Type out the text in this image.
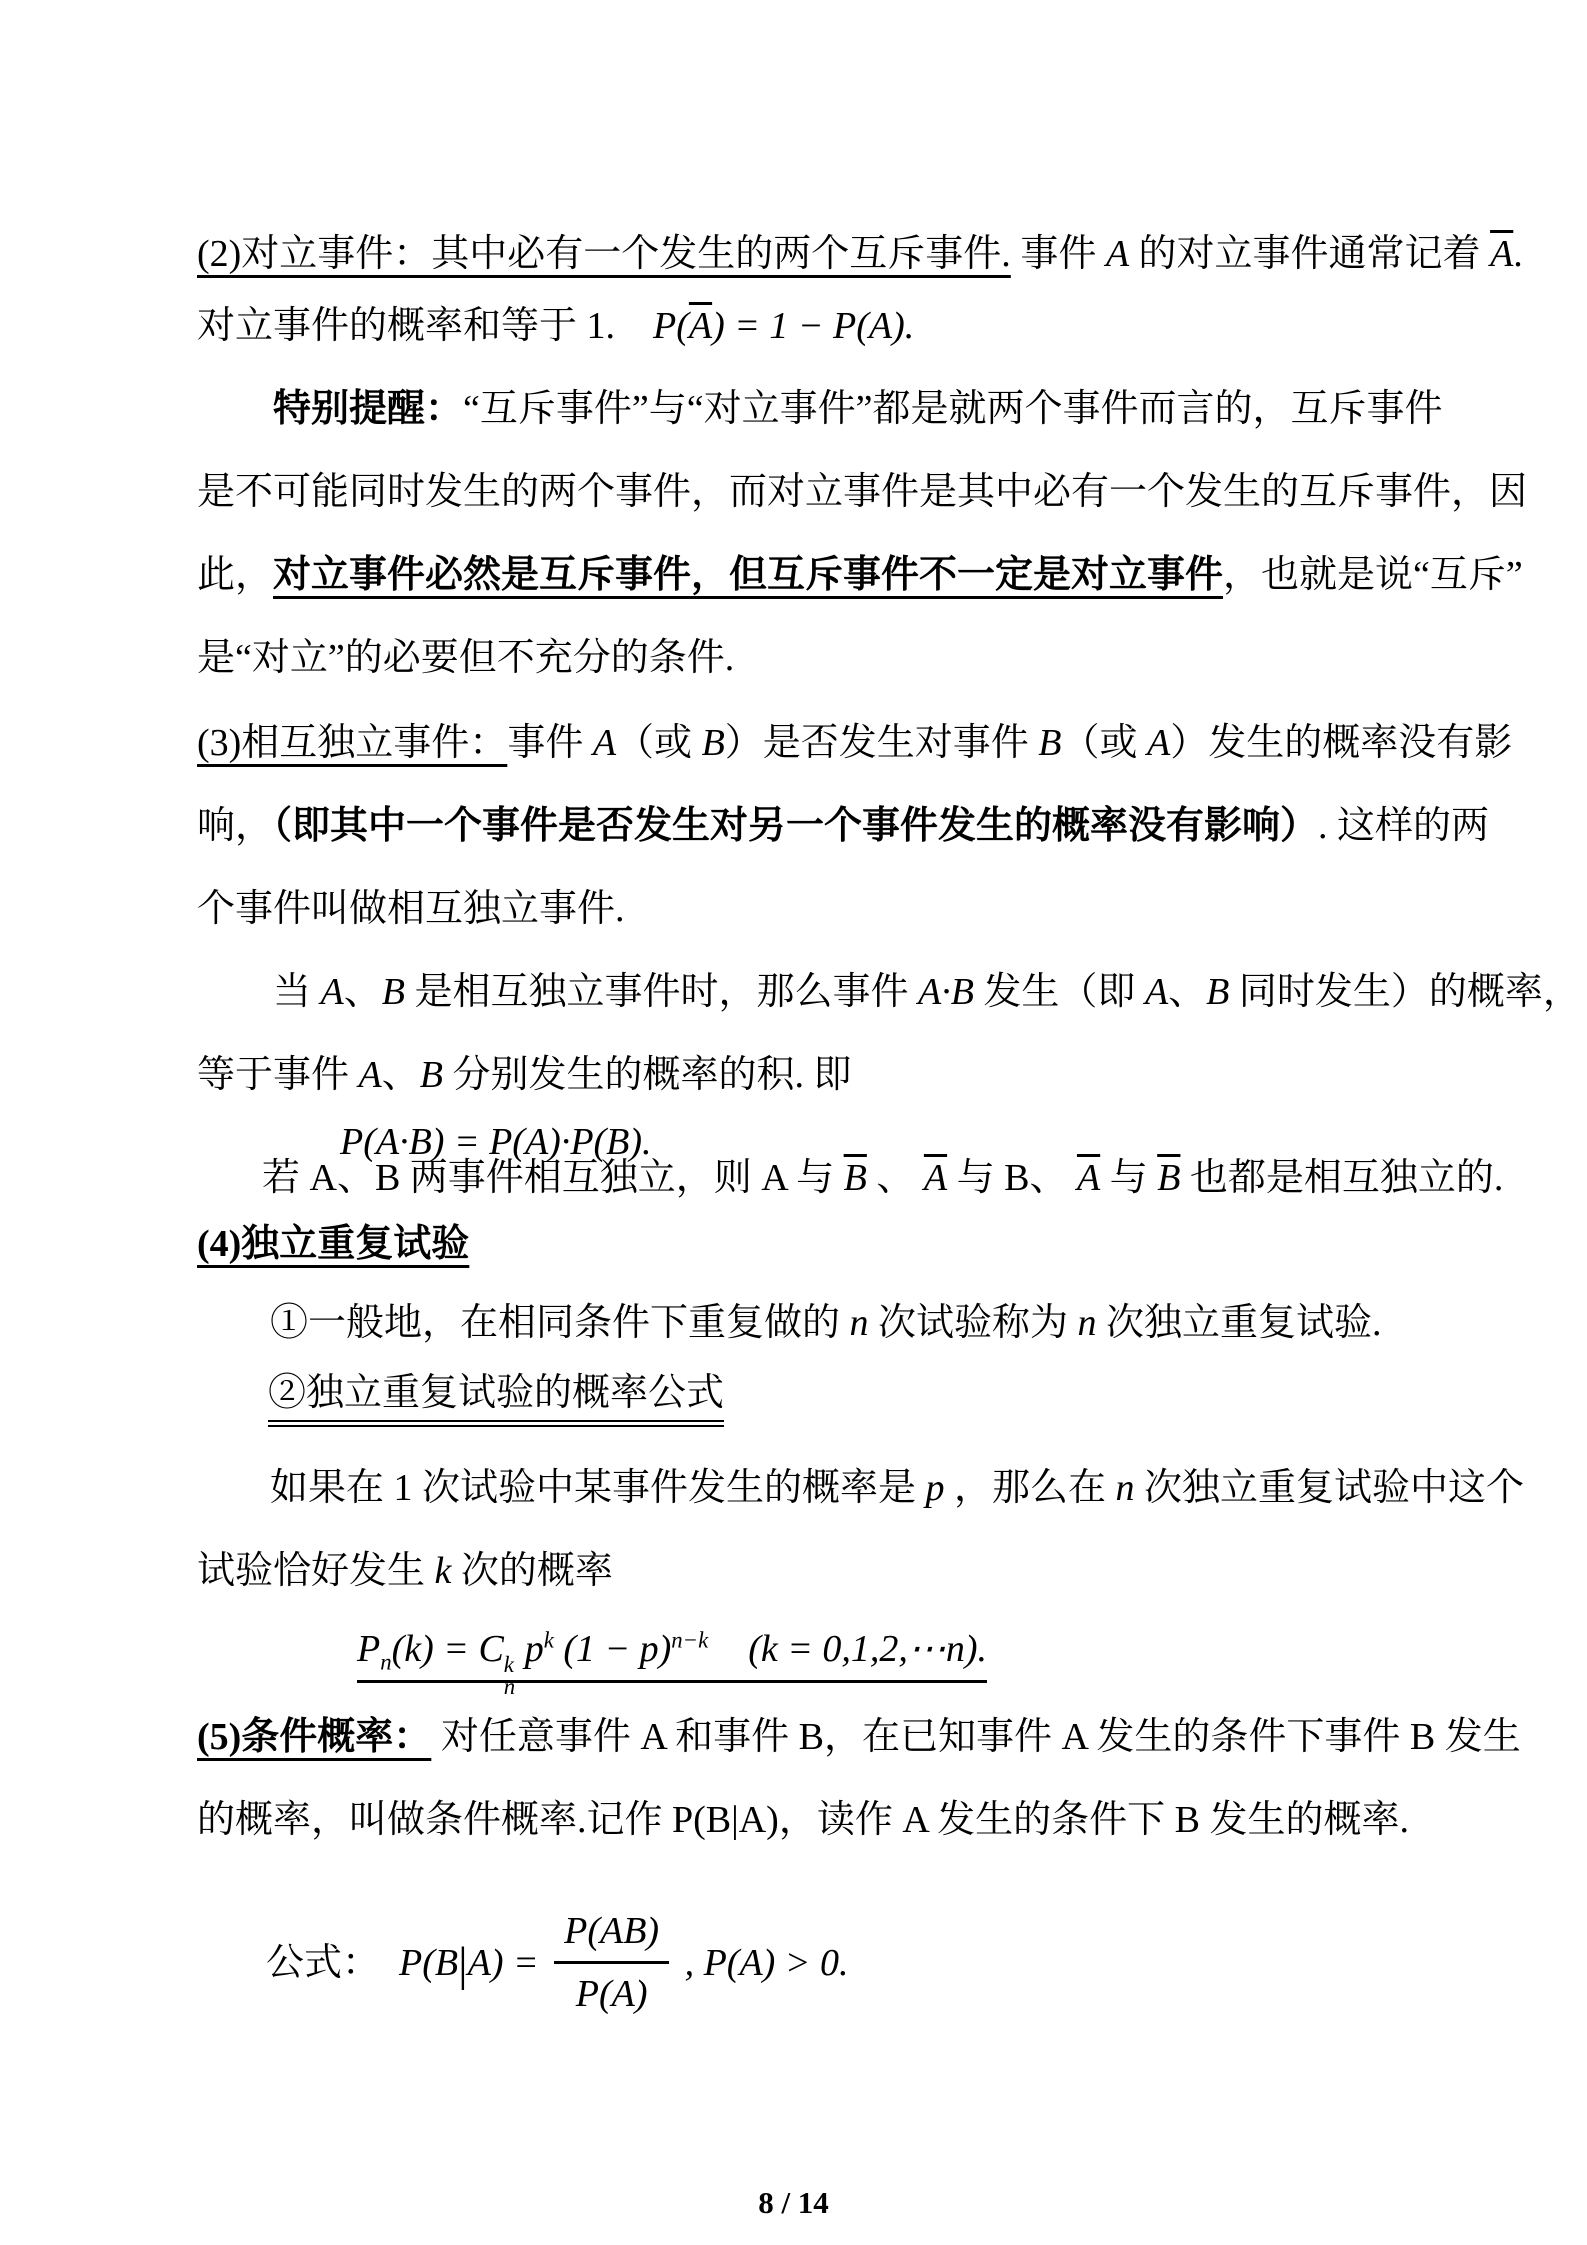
(2)对立事件：其中必有一个发生的两个互斥事件. 事件 A 的对立事件通常记着 $\overline{A}$.
对立事件的概率和等于 1.　$P(\overline{A}) = 1 - P(A)$.
特别提醒：“互斥事件”与“对立事件”都是就两个事件而言的，互斥事件
是不可能同时发生的两个事件，而对立事件是其中必有一个发生的互斥事件，因
此，对立事件必然是互斥事件，但互斥事件不一定是对立事件，也就是说“互斥”
是“对立”的必要但不充分的条件.
(3)相互独立事件：事件 A（或 B）是否发生对事件 B（或 A）发生的概率没有影
响，（即其中一个事件是否发生对另一个事件发生的概率没有影响）. 这样的两
个事件叫做相互独立事件.
当 A、B 是相互独立事件时，那么事件 A·B 发生（即 A、B 同时发生）的概率，
等于事件 A、B 分别发生的概率的积. 即
P(A·B) = P(A)·P(B).
若 A、B 两事件相互独立，则 A 与 $\overline{B}$ 、 $\overline{A}$ 与 B、 $\overline{A}$ 与 $\overline{B}$ 也都是相互独立的.
(4)独立重复试验
①一般地，在相同条件下重复做的 n 次试验称为 n 次独立重复试验.
②独立重复试验的概率公式
如果在 1 次试验中某事件发生的概率是 p ，那么在 n 次独立重复试验中这个
试验恰好发生 k 次的概率
$P_n(k) = C$ k
n
$p^k$ $(1 - p)^{n-k}$ (k = 0,1,2,⋯n).
(5)条件概率： 对任意事件 A 和事件 B，在已知事件 A 发生的条件下事件 B 发生
的概率，叫做条件概率.记作 P(B|A)，读作 A 发生的条件下 B 发生的概率.
公式： P(B | $A) = \frac{P(AB)}{P(A)}$ , P(A) > 0.
8 / 14
